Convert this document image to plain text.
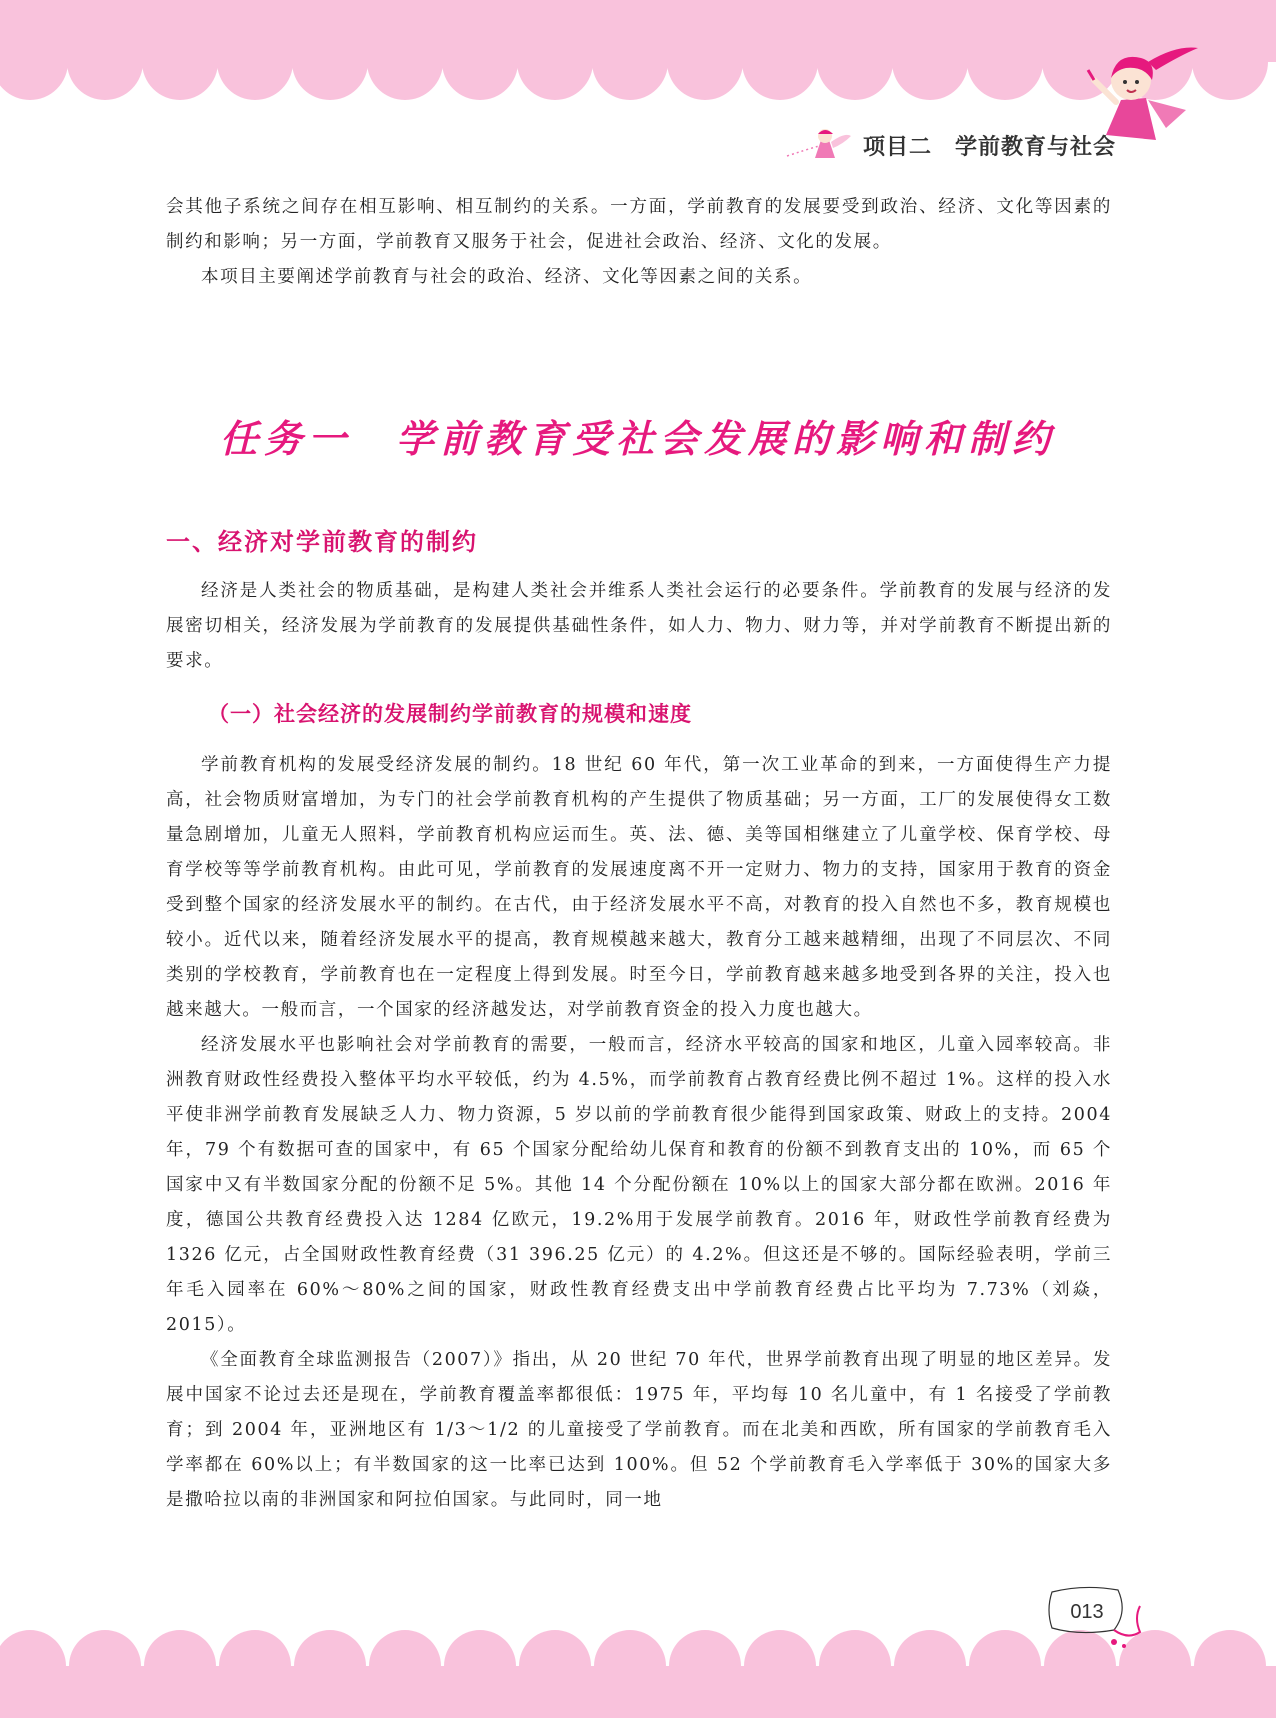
项目二　学前教育与社会

会其他子系统之间存在相互影响、相互制约的关系。一方面，学前教育的发展要受到政治、经济、文化等因素的制约和影响；另一方面，学前教育又服务于社会，促进社会政治、经济、文化的发展。

本项目主要阐述学前教育与社会的政治、经济、文化等因素之间的关系。

任务一　学前教育受社会发展的影响和制约
一、经济对学前教育的制约

经济是人类社会的物质基础，是构建人类社会并维系人类社会运行的必要条件。学前教育的发展与经济的发展密切相关，经济发展为学前教育的发展提供基础性条件，如人力、物力、财力等，并对学前教育不断提出新的要求。

（一）社会经济的发展制约学前教育的规模和速度

学前教育机构的发展受经济发展的制约。18 世纪 60 年代，第一次工业革命的到来，一方面使得生产力提高，社会物质财富增加，为专门的社会学前教育机构的产生提供了物质基础；另一方面，工厂的发展使得女工数量急剧增加，儿童无人照料，学前教育机构应运而生。英、法、德、美等国相继建立了儿童学校、保育学校、母育学校等等学前教育机构。由此可见，学前教育的发展速度离不开一定财力、物力的支持，国家用于教育的资金受到整个国家的经济发展水平的制约。在古代，由于经济发展水平不高，对教育的投入自然也不多，教育规模也较小。近代以来，随着经济发展水平的提高，教育规模越来越大，教育分工越来越精细，出现了不同层次、不同类别的学校教育，学前教育也在一定程度上得到发展。时至今日，学前教育越来越多地受到各界的关注，投入也越来越大。一般而言，一个国家的经济越发达，对学前教育资金的投入力度也越大。

经济发展水平也影响社会对学前教育的需要，一般而言，经济水平较高的国家和地区，儿童入园率较高。非洲教育财政性经费投入整体平均水平较低，约为 4.5%，而学前教育占教育经费比例不超过 1%。这样的投入水平使非洲学前教育发展缺乏人力、物力资源，5 岁以前的学前教育很少能得到国家政策、财政上的支持。2004 年，79 个有数据可查的国家中，有 65 个国家分配给幼儿保育和教育的份额不到教育支出的 10%，而 65 个国家中又有半数国家分配的份额不足 5%。其他 14 个分配份额在 10%以上的国家大部分都在欧洲。2016 年度，德国公共教育经费投入达 1284 亿欧元，19.2%用于发展学前教育。2016 年，财政性学前教育经费为 1326 亿元，占全国财政性教育经费（31 396.25 亿元）的 4.2%。但这还是不够的。国际经验表明，学前三年毛入园率在 60%～80%之间的国家，财政性教育经费支出中学前教育经费占比平均为 7.73%（刘焱，2015）。

《全面教育全球监测报告（2007）》指出，从 20 世纪 70 年代，世界学前教育出现了明显的地区差异。发展中国家不论过去还是现在，学前教育覆盖率都很低：1975 年，平均每 10 名儿童中，有 1 名接受了学前教育；到 2004 年，亚洲地区有 1/3～1/2 的儿童接受了学前教育。而在北美和西欧，所有国家的学前教育毛入学率都在 60%以上；有半数国家的这一比率已达到 100%。但 52 个学前教育毛入学率低于 30%的国家大多是撒哈拉以南的非洲国家和阿拉伯国家。与此同时，同一地

013
